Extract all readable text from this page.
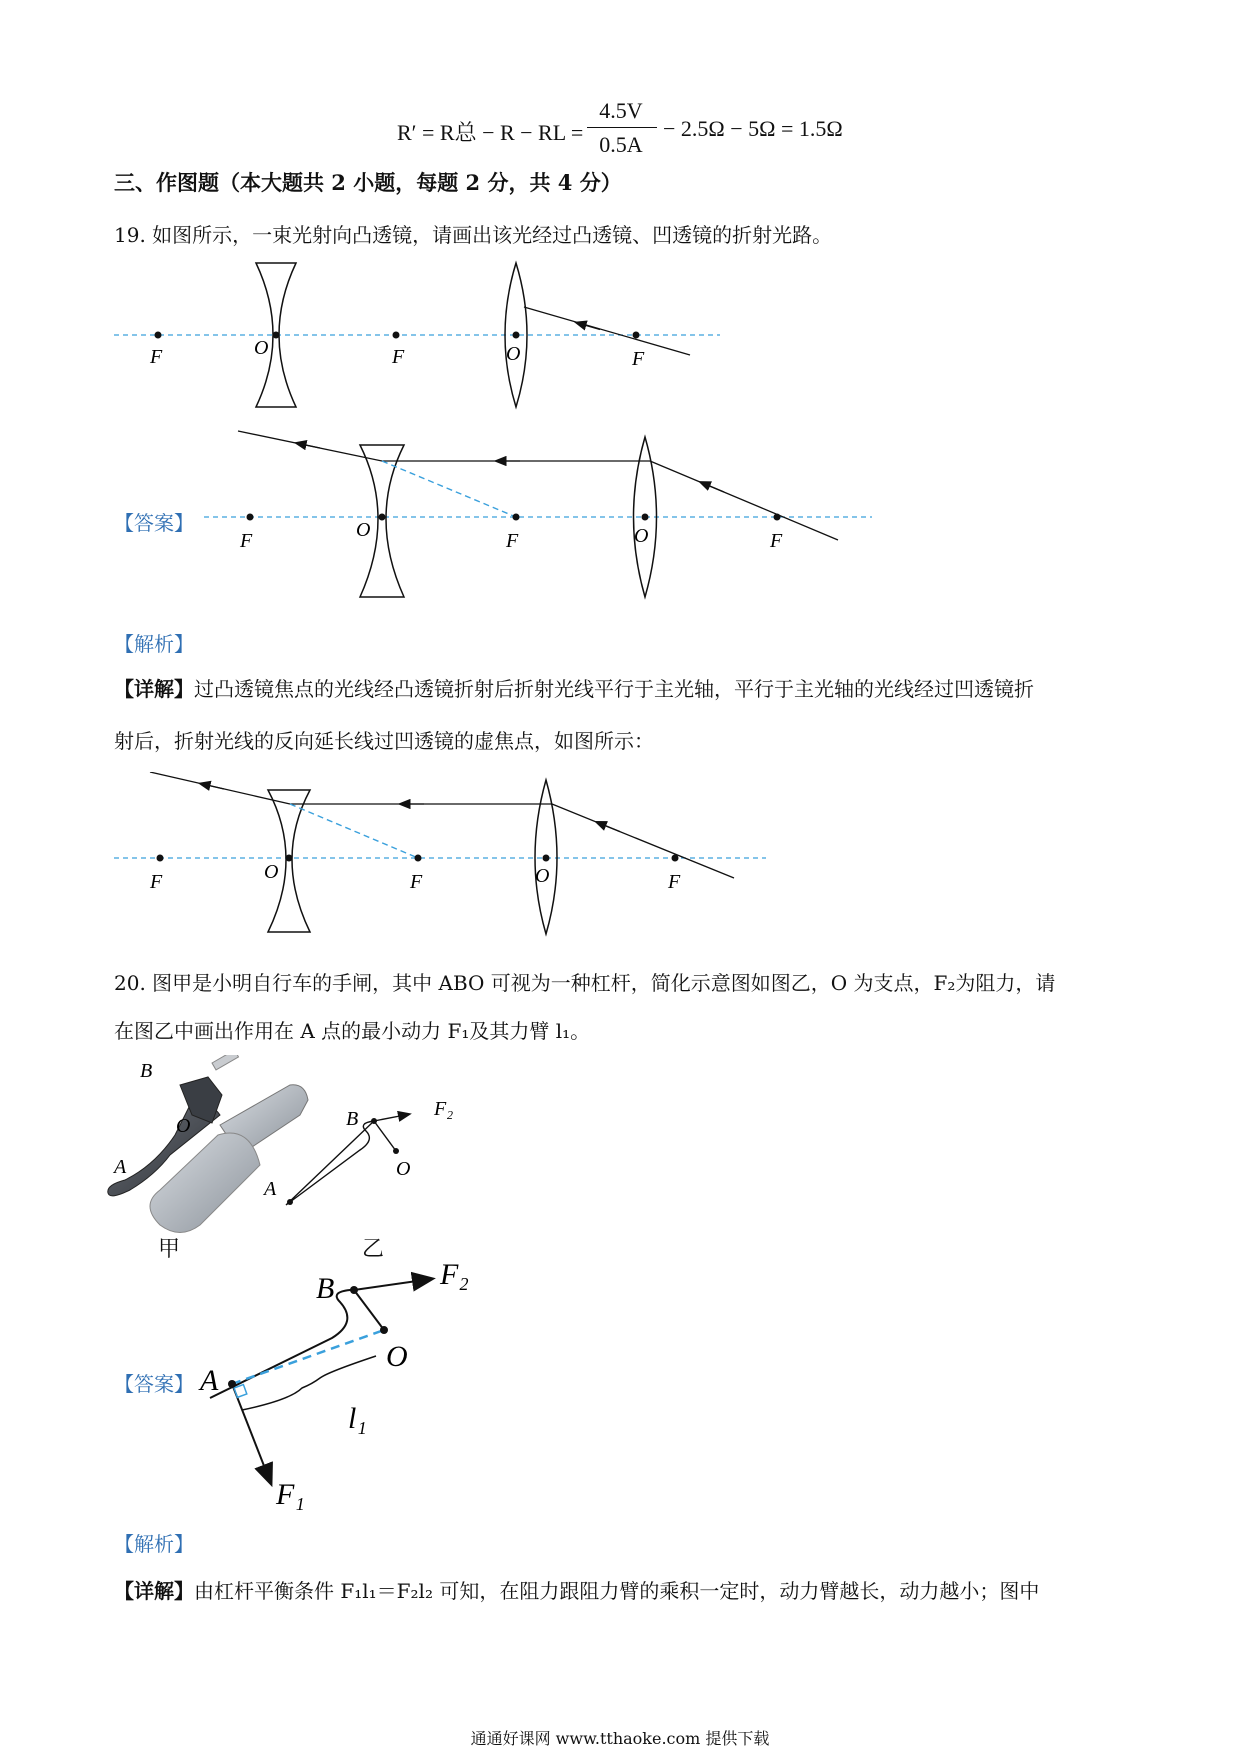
R′ = R总 − R − RL =
4.5V
0.5A
− 2.5Ω − 5Ω = 1.5Ω
三、作图题（本大题共 2 小题，每题 2 分，共 4 分）
19. 如图所示，一束光射向凸透镜，请画出该光经过凸透镜、凹透镜的折射光路。
F	O	F	O	F
【答案】
F	O	F	O	F
【解析】
【详解】过凸透镜焦点的光线经凸透镜折射后折射光线平行于主光轴，平行于主光轴的光线经过凹透镜折
射后，折射光线的反向延长线过凹透镜的虚焦点，如图所示：
F	O	F	O	F
20. 图甲是小明自行车的手闸，其中 ABO 可视为一种杠杆，简化示意图如图乙，O 为支点，F₂为阻力，请
在图乙中画出作用在 A 点的最小动力 F₁及其力臂 l₁。
B
O
A
甲
B	F₂
O
A
乙
【答案】
B	F₂
O
A
l₁
F₁
【解析】
【详解】由杠杆平衡条件 F₁l₁＝F₂l₂ 可知，在阻力跟阻力臂的乘积一定时，动力臂越长，动力越小；图中
通通好课网 www.tthaoke.com 提供下载
